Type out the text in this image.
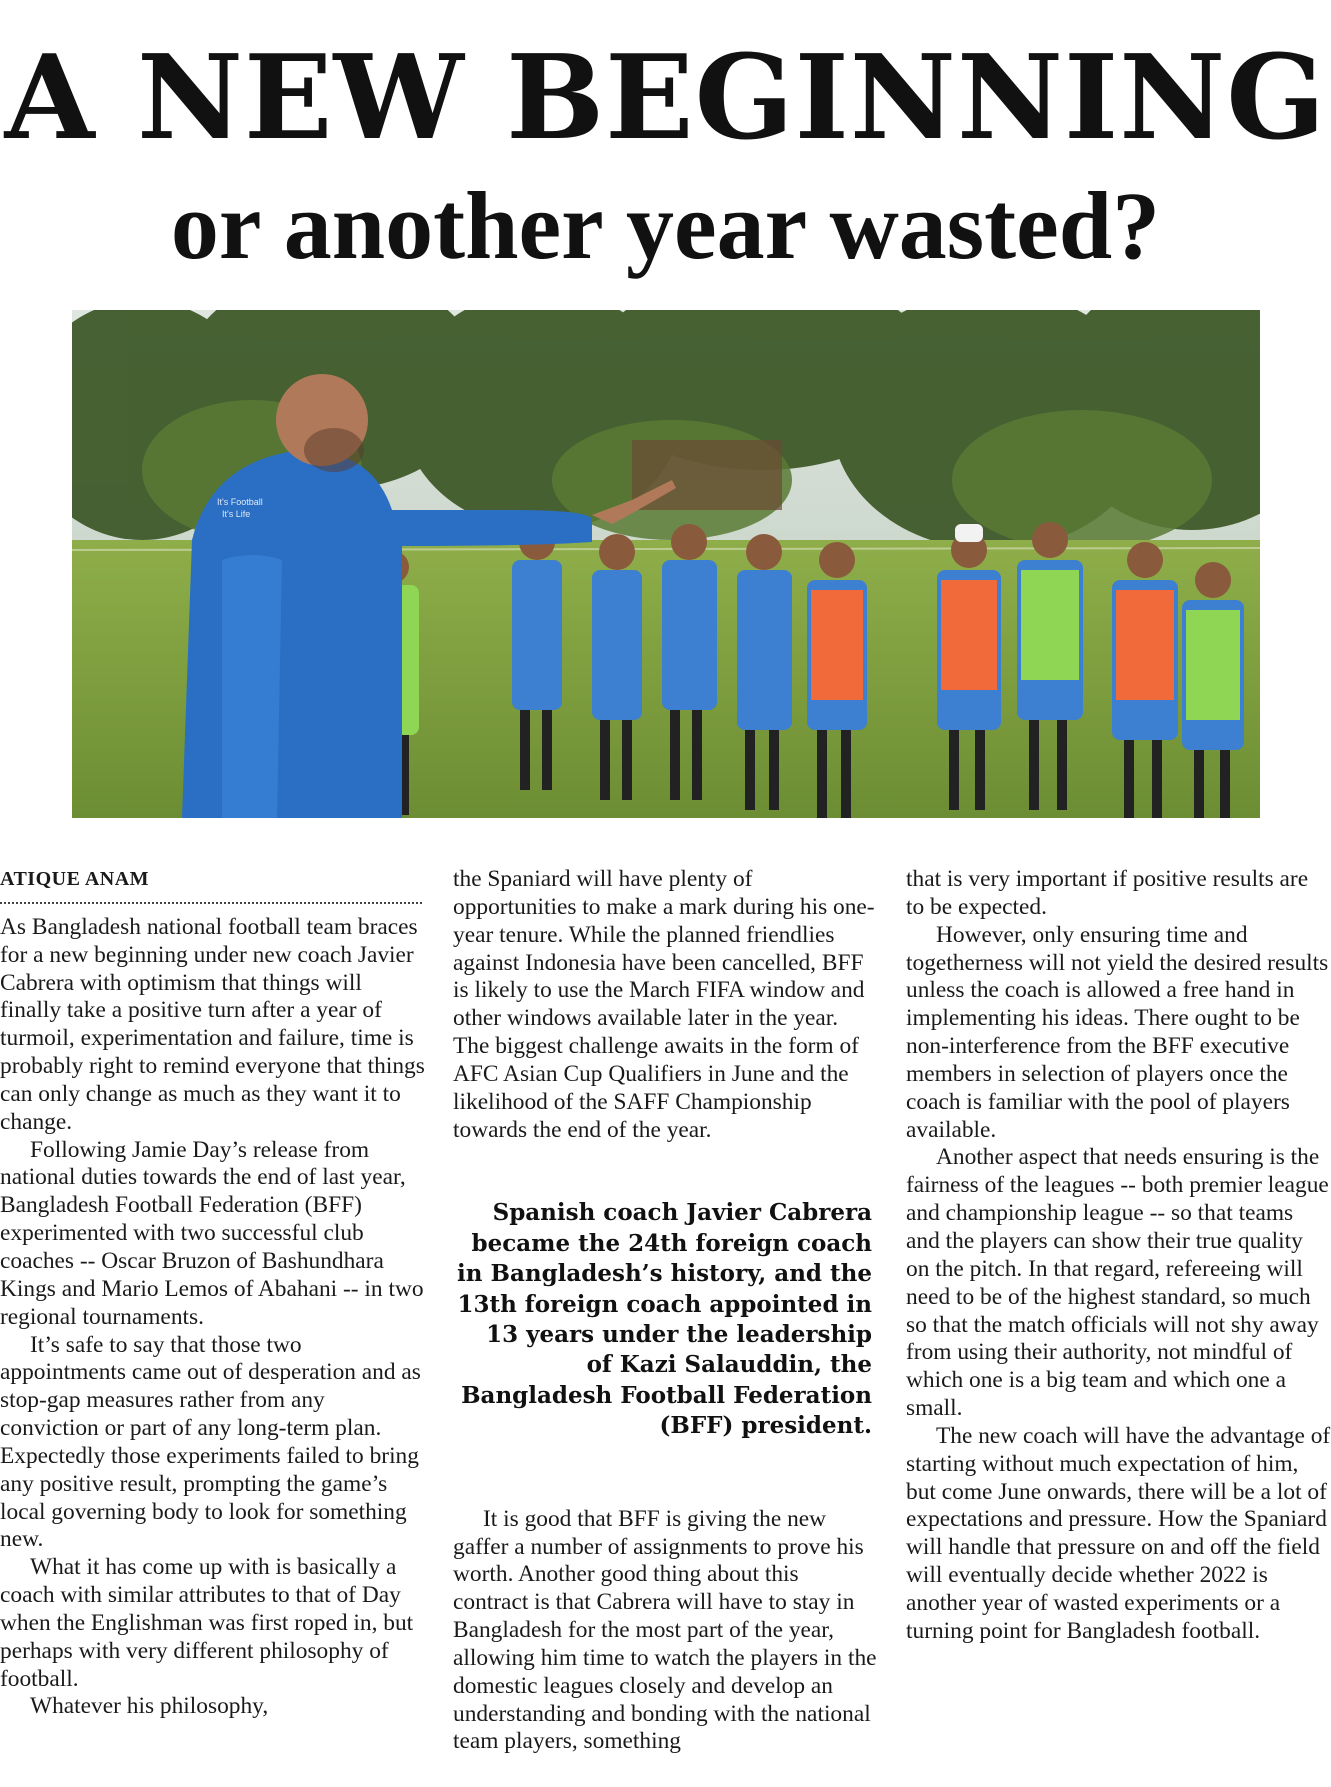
A NEW BEGINNING
or another year wasted?
It's Football
It's Life
ATIQUE ANAM

As Bangladesh national football team braces for a new beginning under new coach Javier Cabrera with optimism that things will finally take a positive turn after a year of turmoil, experimentation and failure, time is probably right to remind everyone that things can only change as much as they want it to change.

Following Jamie Day’s release from national duties towards the end of last year, Bangladesh Football Federation (BFF) experimented with two successful club coaches -- Oscar Bruzon of Bashundhara Kings and Mario Lemos of Abahani -- in two regional tournaments.

It’s safe to say that those two appointments came out of desperation and as stop-gap measures rather from any conviction or part of any long-term plan. Expectedly those experiments failed to bring any positive result, prompting the game’s local governing body to look for something new.

What it has come up with is basically a coach with similar attributes to that of Day when the Englishman was first roped in, but perhaps with very different philosophy of football.

Whatever his philosophy,

the Spaniard will have plenty of opportunities to make a mark during his one-year tenure. While the planned friendlies against Indonesia have been cancelled, BFF is likely to use the March FIFA window and other windows available later in the year. The biggest challenge awaits in the form of AFC Asian Cup Qualifiers in June and the likelihood of the SAFF Championship towards the end of the year.

Spanish coach Javier Cabrera became the 24th foreign coach in Bangladesh’s history, and the 13th foreign coach appointed in 13 years under the leadership of Kazi Salauddin, the Bangladesh Football Federation (BFF) president.

It is good that BFF is giving the new gaffer a number of assignments to prove his worth. Another good thing about this contract is that Cabrera will have to stay in Bangladesh for the most part of the year, allowing him time to watch the players in the domestic leagues closely and develop an understanding and bonding with the national team players, something

that is very important if positive results are to be expected.

However, only ensuring time and togetherness will not yield the desired results unless the coach is allowed a free hand in implementing his ideas. There ought to be non-interference from the BFF executive members in selection of players once the coach is familiar with the pool of players available.

Another aspect that needs ensuring is the fairness of the leagues -- both premier league and championship league -- so that teams and the players can show their true quality on the pitch. In that regard, refereeing will need to be of the highest standard, so much so that the match officials will not shy away from using their authority, not mindful of which one is a big team and which one a small.

The new coach will have the advantage of starting without much expectation of him, but come June onwards, there will be a lot of expectations and pressure. How the Spaniard will handle that pressure on and off the field will eventually decide whether 2022 is another year of wasted experiments or a turning point for Bangladesh football.
